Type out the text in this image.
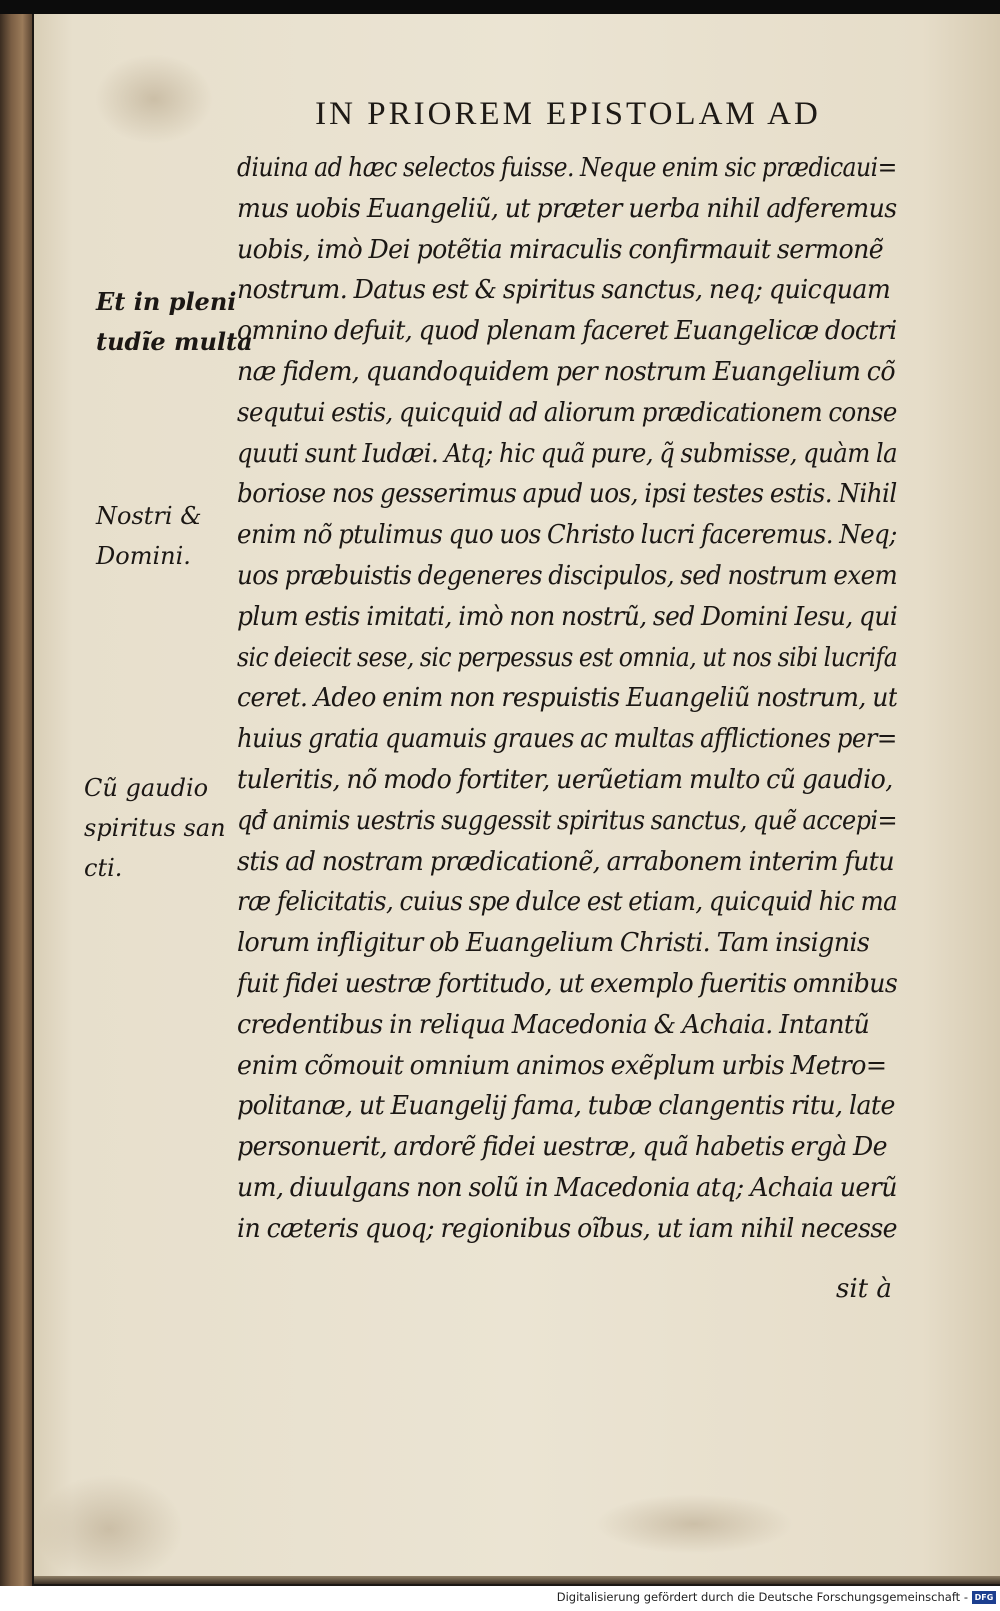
IN PRIOREM EPISTOLAM AD
diuina ad hæc selectos fuisse. Neque enim sic prædicaui=
mus uobis Euangeliũ, ut præter uerba nihil adferemus
uobis, imò Dei potẽtia miraculis confirmauit sermonẽ
nostrum. Datus est & spiritus sanctus, neq; quicquam
omnino defuit, quod plenam faceret Euangelicæ doctri
næ fidem, quandoquidem per nostrum Euangelium cõ
sequtui estis, quicquid ad aliorum prædicationem conse
quuti sunt Iudæi. Atq; hic quã pure, q̃ submisse, quàm la
boriose nos gesserimus apud uos, ipsi testes estis. Nihil
enim nõ ptulimus quo uos Christo lucri faceremus. Neq;
uos præbuistis degeneres discipulos, sed nostrum exem
plum estis imitati, imò non nostrũ, sed Domini Iesu, qui
sic deiecit sese, sic perpessus est omnia, ut nos sibi lucrifa
ceret. Adeo enim non respuistis Euangeliũ nostrum, ut
huius gratia quamuis graues ac multas afflictiones per=
tuleritis, nõ modo fortiter, uerũetiam multo cũ gaudio,
qđ animis uestris suggessit spiritus sanctus, quẽ accepi=
stis ad nostram prædicationẽ, arrabonem interim futu
ræ felicitatis, cuius spe dulce est etiam, quicquid hic ma
lorum infligitur ob Euangelium Christi. Tam insignis
fuit fidei uestræ fortitudo, ut exemplo fueritis omnibus
credentibus in reliqua Macedonia & Achaia. Intantũ
enim cõmouit omnium animos exẽplum urbis Metro=
politanæ, ut Euangelij fama, tubæ clangentis ritu, late
personuerit, ardorẽ fidei uestræ, quã habetis ergà De
um, diuulgans non solũ in Macedonia atq; Achaia uerũ
in cæteris quoq; regionibus oĩbus, ut iam nihil necesse
sit à
Et in pleni
tudĩe multa
Nostri &
Domini.
Cũ gaudio
spiritus san
cti.
Digitalisierung gefördert durch die Deutsche Forschungsgemeinschaft - DFG
